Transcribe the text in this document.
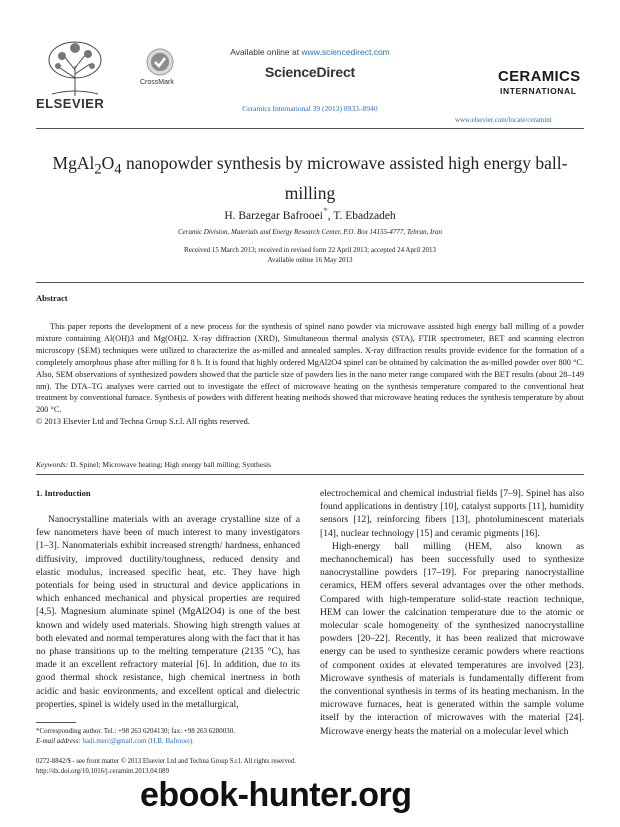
ELSEVIER
CrossMark
Available online at www.sciencedirect.com
ScienceDirect
Ceramics International 39 (2013) 8933–8940
CERAMICS
INTERNATIONAL
www.elsevier.com/locate/ceramint
$MgAl_2O_4$ nanopowder synthesis by microwave assisted high energy ball-milling
H. Barzegar Bafrooei*, T. Ebadzadeh
Ceramic Division, Materials and Energy Research Center, P.O. Box 14155-4777, Tehran, Iran
Received 15 March 2013; received in revised form 22 April 2013; accepted 24 April 2013
Available online 16 May 2013
Abstract
This paper reports the development of a new process for the synthesis of spinel nano powder via microwave assisted high energy ball milling of a powder mixture containing Al(OH)3 and Mg(OH)2. X-ray diffraction (XRD), Simultaneous thermal analysis (STA), FTIR spectrometer, BET and scanning electron microscopy (SEM) techniques were utilized to characterize the as-milled and annealed samples. X-ray diffraction results provide evidence for the formation of a completely amorphous phase after milling for 8 h. It is found that highly ordered MgAl2O4 spinel can be obtained by calcination the as-milled powder over 800 °C. Also, SEM observations of synthesized powders showed that the particle size of powders lies in the nano meter range compared with the BET results (about 28–149 nm). The DTA–TG analyses were carried out to investigate the effect of microwave heating on the synthesis temperature compared to the conventional heat treatment by conventional furnace. Synthesis of powders with different heating methods showed that microwave heating reduces the synthesis temperature by about 200 °C.
© 2013 Elsevier Ltd and Techna Group S.r.l. All rights reserved.
Keywords: D. Spinel; Microwave heating; High energy ball milling; Synthesis
1. Introduction

Nanocrystalline materials with an average crystalline size of a few nanometers have been of much interest to many investigators [1–3]. Nanomaterials exhibit increased strength/ hardness, enhanced diffusivity, improved ductility/toughness, reduced density and elastic modulus, increased specific heat, etc. They have high potentials for being used in structural and device applications in which enhanced mechanical and physical properties are required [4,5]. Magnesium aluminate spinel (MgAl2O4) is one of the best known and widely used materials. Showing high strength values at both elevated and normal temperatures along with the fact that it has no phase transitions up to the melting temperature (2135 °C), has made it an excellent refractory material [6]. In addition, due to its good thermal shock resistance, high chemical inertness in both acidic and basic environments, and excellent optical and dielectric properties, spinel is widely used in the metallurgical,

electrochemical and chemical industrial fields [7–9]. Spinel has also found applications in dentistry [10], catalyst supports [11], humidity sensors [12], reinforcing fibers [13], photoluminescent materials [14], nuclear technology [15] and ceramic pigments [16].

High-energy ball milling (HEM, also known as mechanochemical) has been successfully used to synthesize nanocrystalline powders [17–19]. For preparing nanocrystalline ceramics, HEM offers several advantages over the other methods. Compared with high-temperature solid-state reaction technique, HEM can lower the calcination temperature due to the atomic or molecular scale homogeneity of the synthesized nanocrystalline powders [20–22]. Recently, it has been realized that microwave energy can be used to synthesize ceramic powders where reactions of component oxides at elevated temperatures are involved [23]. Microwave synthesis of materials is fundamentally different from the conventional synthesis in terms of its heating mechanism. In the microwave furnaces, heat is generated within the sample volume itself by the interaction of microwaves with the material [24]. Microwave energy heats the material on a molecular level which

*Corresponding author. Tel.: +98 263 6204130; fax: +98 263 6280030.
E-mail address: hadi.merc@gmail.com (H.B. Bafrooei).
0272-8842/$ - see front matter © 2013 Elsevier Ltd and Techna Group S.r.l. All rights reserved.
http://dx.doi.org/10.1016/j.ceramint.2013.04.089
ebook-hunter.org
